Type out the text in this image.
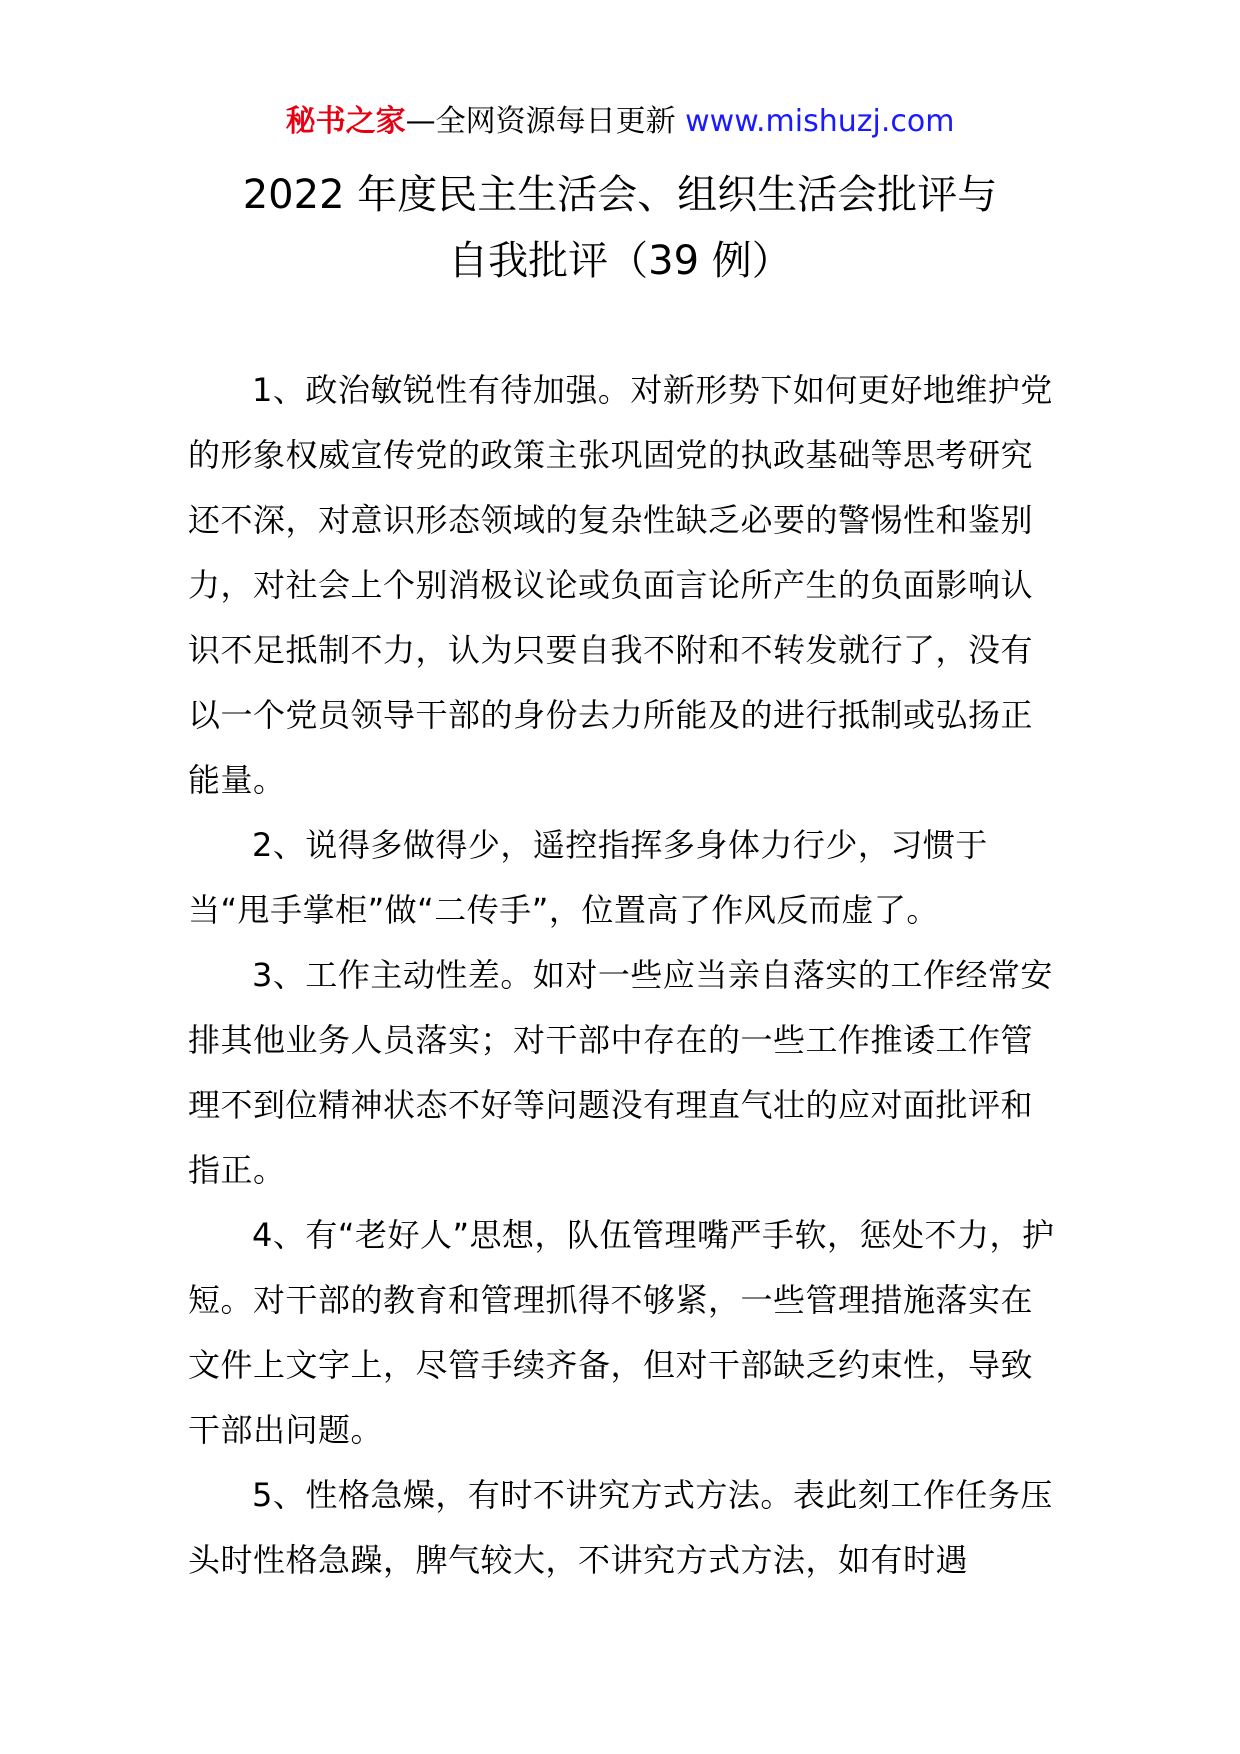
秘书之家—全网资源每日更新 www.mishuzj.com
2022 年度民主生活会、组织生活会批评与
自我批评（39 例）

1、政治敏锐性有待加强。对新形势下如何更好地维护党的形象权威宣传党的政策主张巩固党的执政基础等思考研究还不深，对意识形态领域的复杂性缺乏必要的警惕性和鉴别力，对社会上个别消极议论或负面言论所产生的负面影响认识不足抵制不力，认为只要自我不附和不转发就行了，没有以一个党员领导干部的身份去力所能及的进行抵制或弘扬正能量。

2、说得多做得少，遥控指挥多身体力行少，习惯于当“甩手掌柜”做“二传手”，位置高了作风反而虚了。

3、工作主动性差。如对一些应当亲自落实的工作经常安排其他业务人员落实；对干部中存在的一些工作推诿工作管理不到位精神状态不好等问题没有理直气壮的应对面批评和指正。

4、有“老好人”思想，队伍管理嘴严手软，惩处不力，护短。对干部的教育和管理抓得不够紧，一些管理措施落实在文件上文字上，尽管手续齐备，但对干部缺乏约束性，导致干部出问题。

5、性格急燥，有时不讲究方式方法。表此刻工作任务压头时性格急躁，脾气较大，不讲究方式方法，如有时遇
